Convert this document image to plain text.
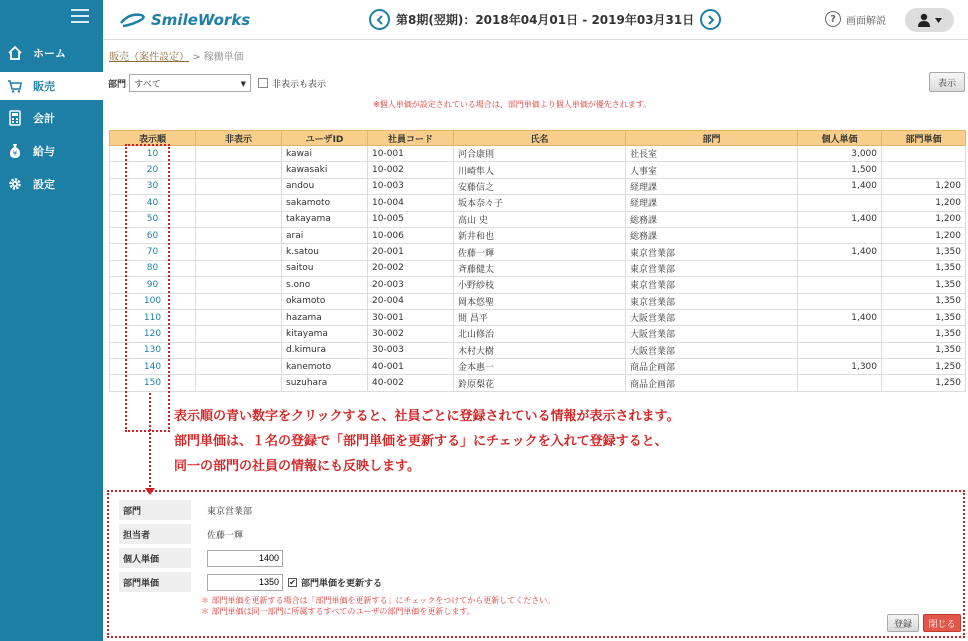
ホーム
販売
会計
¥ 給与
設定
SmileWorks	第8期(翌期)：2018年04月01日 - 2019年03月31日	?	画面解説
販売（案件設定） > 稼働単価
部門 すべて	▼	非表示も表示	表示
※個人単価が設定されている場合は、部門単価より個人単価が優先されます。
表示順	非表示	ユーザID	社員コード	氏名	部門	個人単価	部門単価
10		kawai	10-001	河合康則	社長室	3,000	
20		kawasaki	10-002	川崎隼人	人事室	1,500	
30		andou	10-003	安藤信之	経理課	1,400	1,200
40		sakamoto	10-004	坂本奈々子	経理課		1,200
50		takayama	10-005	高山 史	総務課	1,400	1,200
60		arai	10-006	新井和也	総務課		1,200
70		k.satou	20-001	佐藤一輝	東京営業部	1,400	1,350
80		saitou	20-002	斉藤健太	東京営業部		1,350
90		s.ono	20-003	小野紗枝	東京営業部		1,350
100		okamoto	20-004	岡本悠聖	東京営業部		1,350
110		hazama	30-001	間 昌平	大阪営業部	1,400	1,350
120		kitayama	30-002	北山修治	大阪営業部		1,350
130		d.kimura	30-003	木村大樹	大阪営業部		1,350
140		kanemoto	40-001	金本惠一	商品企画部	1,300	1,250
150		suzuhara	40-002	鈴原梨花	商品企画部		1,250
表示順の青い数字をクリックすると、社員ごとに登録されている情報が表示されます。
部門単価は、１名の登録で「部門単価を更新する」にチェックを入れて登録すると、
同一の部門の社員の情報にも反映します。
部門	東京営業部
担当者	佐藤一輝
個人単価
1400
部門単価
1350	✔ 部門単価を更新する
＊ 部門単価を更新する場合は「部門単価を更新する」にチェックをつけてから更新してください。
＊ 部門単価は同一部門に所属するすべてのユーザの部門単価を更新します。
登録	閉じる
